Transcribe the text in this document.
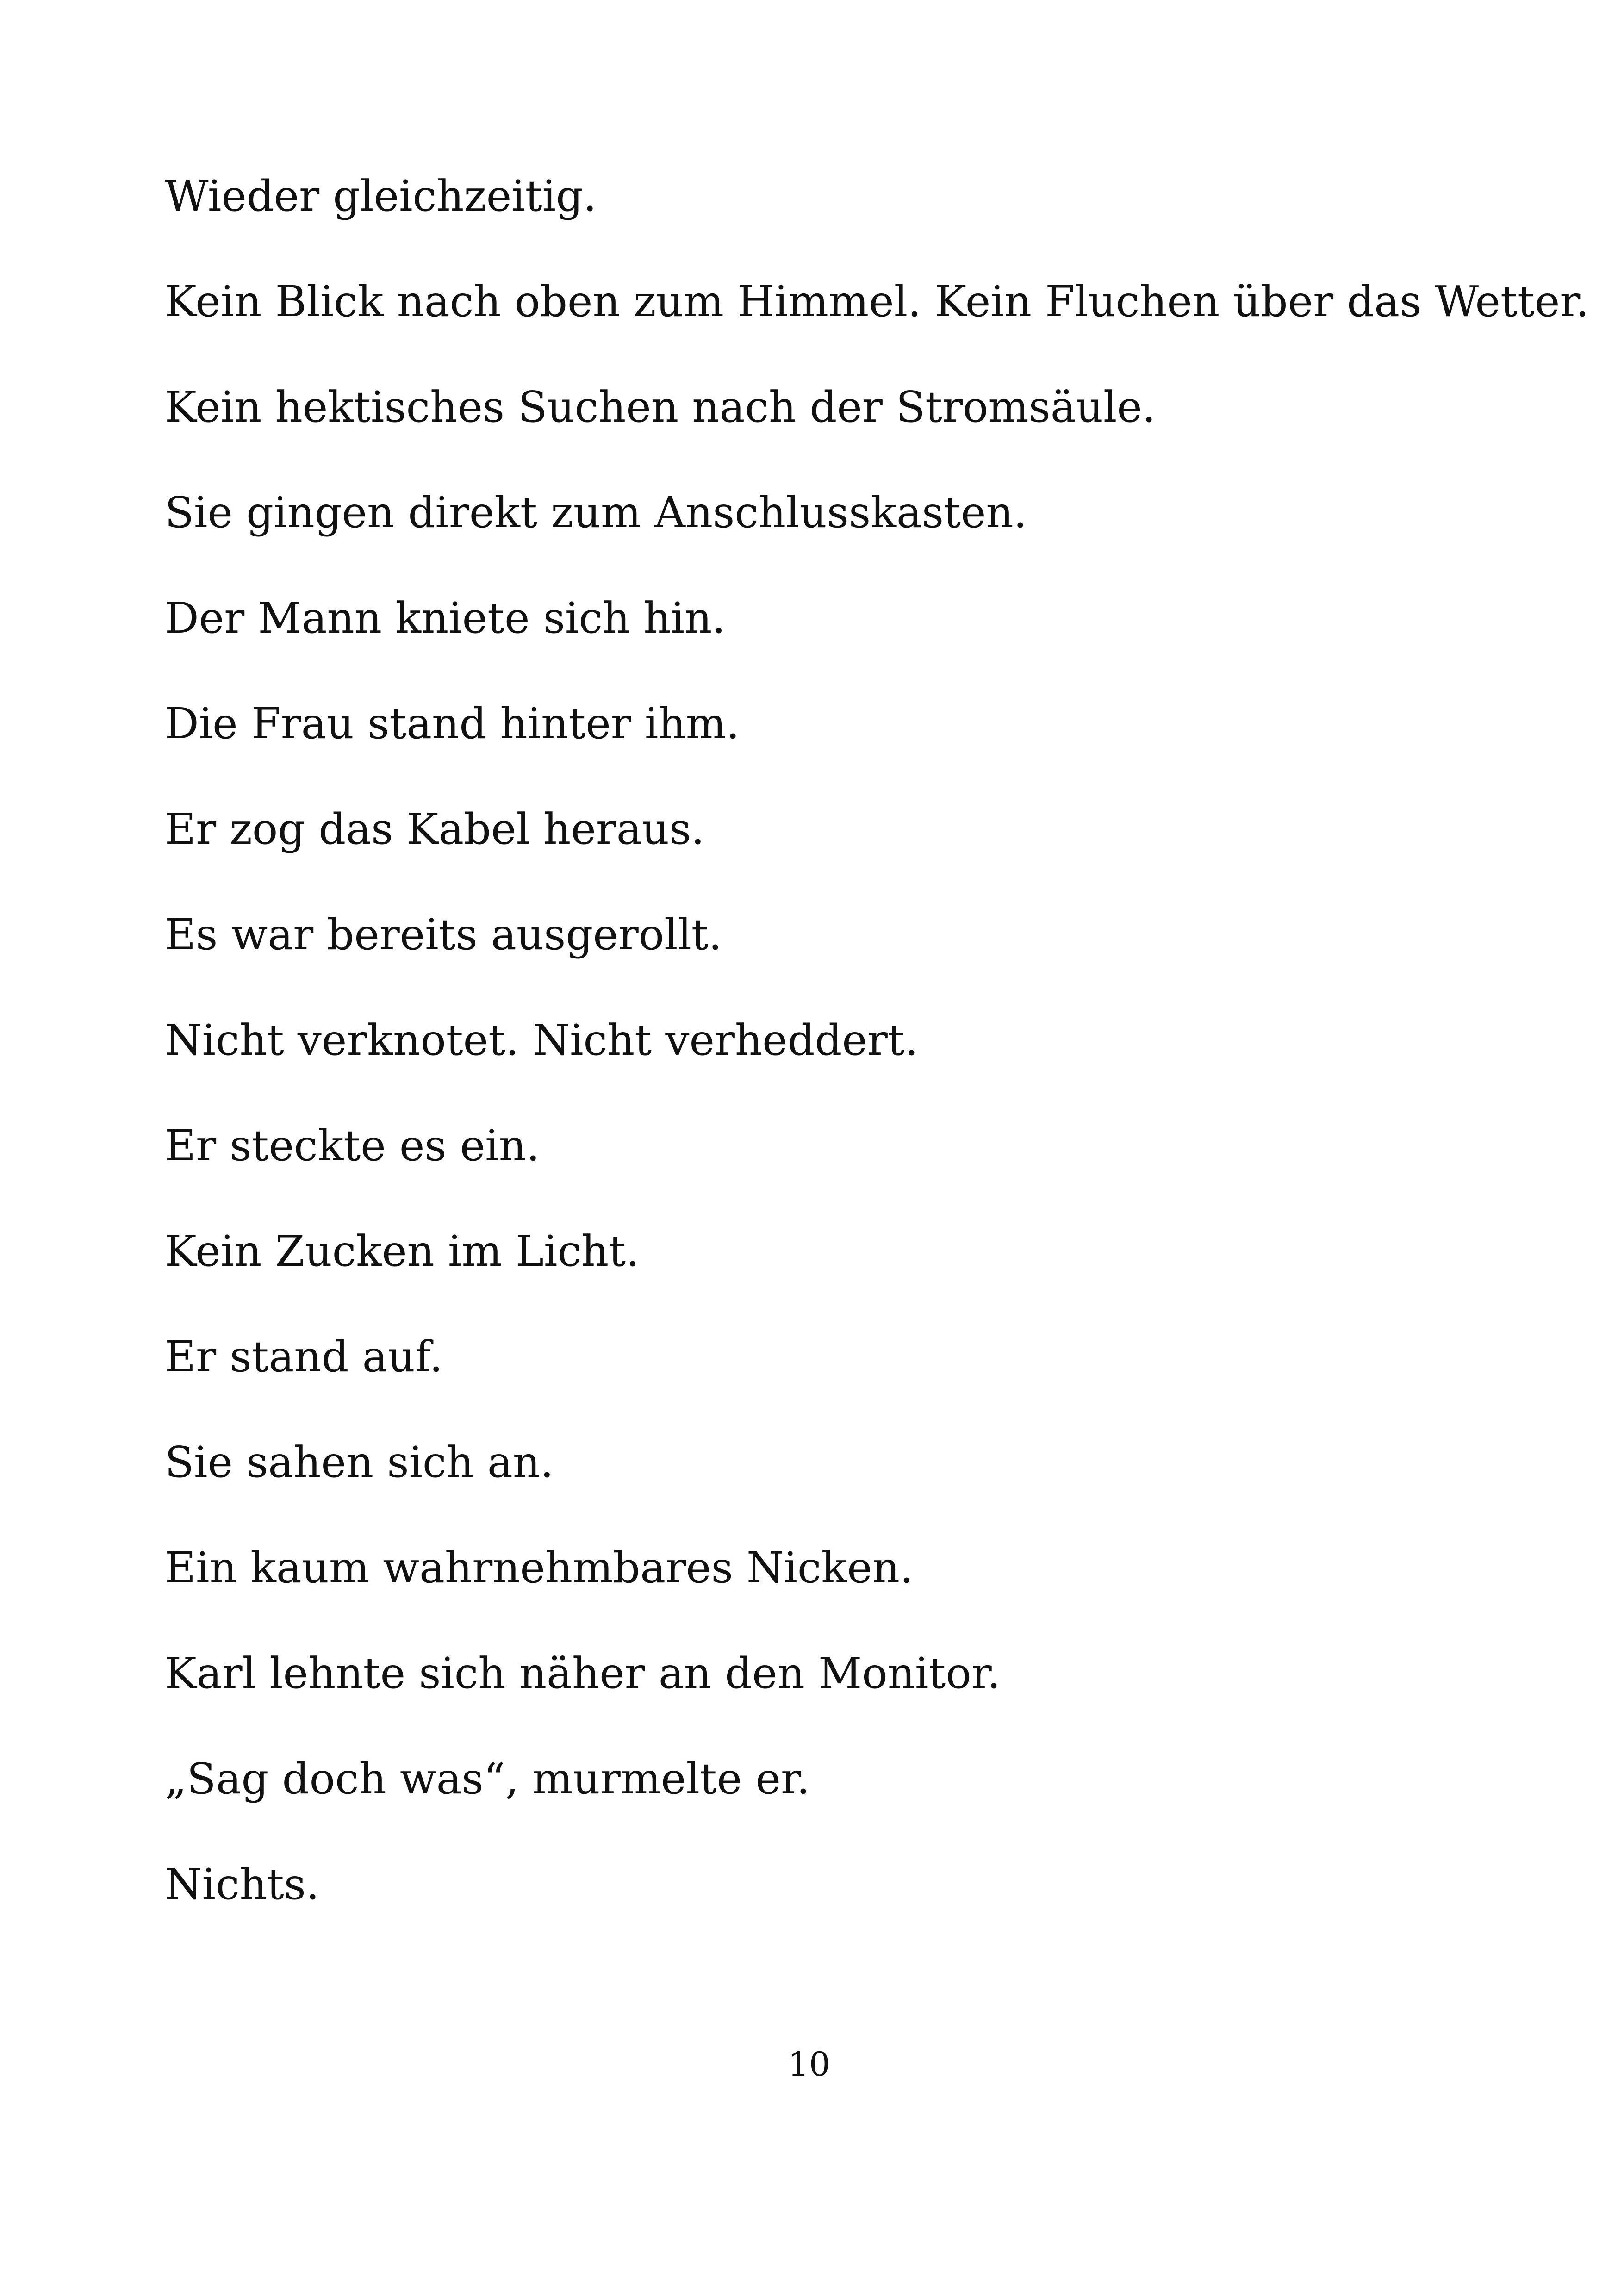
Wieder gleichzeitig.

Kein Blick nach oben zum Himmel. Kein Fluchen über das Wetter.

Kein hektisches Suchen nach der Stromsäule.

Sie gingen direkt zum Anschlusskasten.

Der Mann kniete sich hin.

Die Frau stand hinter ihm.

Er zog das Kabel heraus.

Es war bereits ausgerollt.

Nicht verknotet. Nicht verheddert.

Er steckte es ein.

Kein Zucken im Licht.

Er stand auf.

Sie sahen sich an.

Ein kaum wahrnehmbares Nicken.

Karl lehnte sich näher an den Monitor.

„Sag doch was“, murmelte er.

Nichts.

10
